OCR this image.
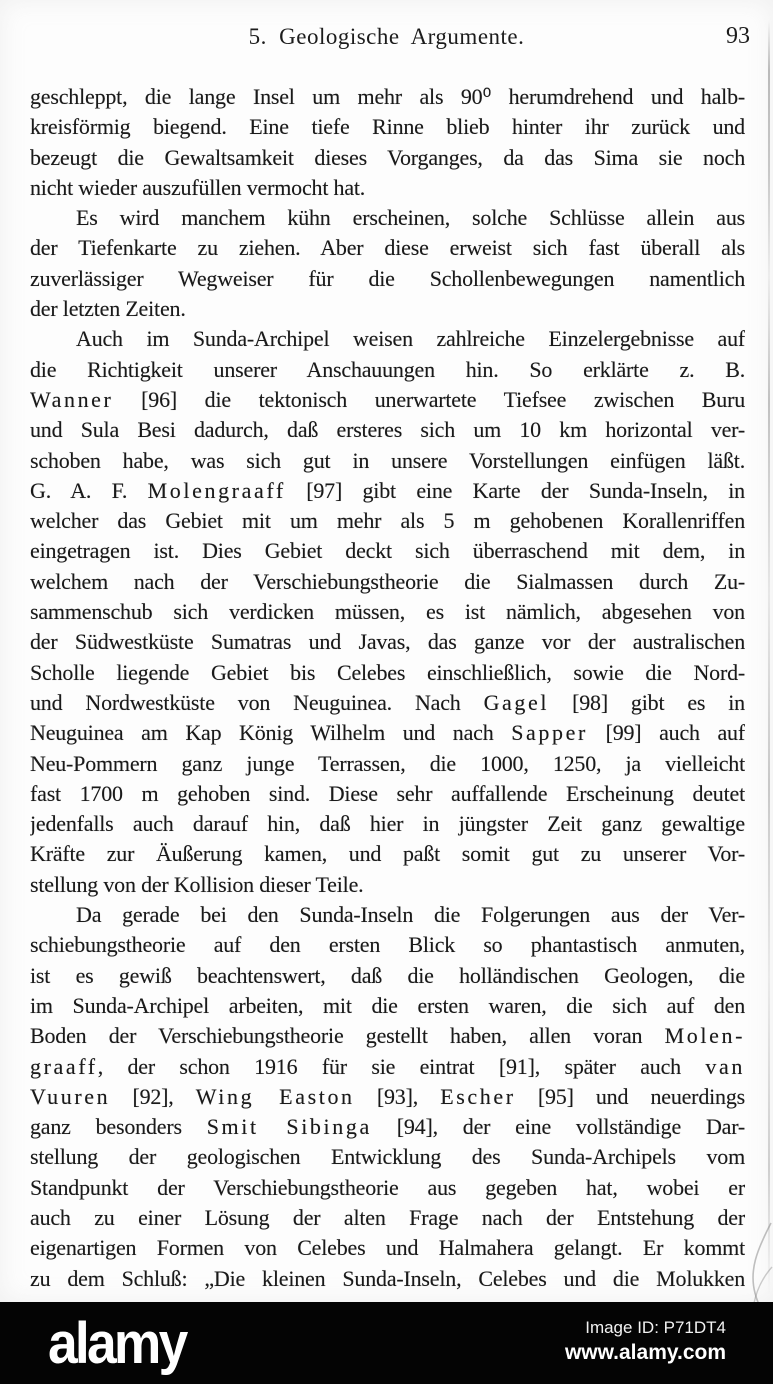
5. Geologische Argumente.	93
geschleppt, die lange Insel um mehr als 90⁰ herumdrehend und halb-
kreisförmig biegend. Eine tiefe Rinne blieb hinter ihr zurück und
bezeugt die Gewaltsamkeit dieses Vorganges, da das Sima sie noch
nicht wieder auszufüllen vermocht hat.
Es wird manchem kühn erscheinen, solche Schlüsse allein aus
der Tiefenkarte zu ziehen. Aber diese erweist sich fast überall als
zuverlässiger Wegweiser für die Schollenbewegungen namentlich
der letzten Zeiten.
Auch im Sunda-Archipel weisen zahlreiche Einzelergebnisse auf
die Richtigkeit unserer Anschauungen hin. So erklärte z. B.
Wanner [96] die tektonisch unerwartete Tiefsee zwischen Buru
und Sula Besi dadurch, daß ersteres sich um 10 km horizontal ver-
schoben habe, was sich gut in unsere Vorstellungen einfügen läßt.
G. A. F. Molengraaff [97] gibt eine Karte der Sunda-Inseln, in
welcher das Gebiet mit um mehr als 5 m gehobenen Korallenriffen
eingetragen ist. Dies Gebiet deckt sich überraschend mit dem, in
welchem nach der Verschiebungstheorie die Sialmassen durch Zu-
sammenschub sich verdicken müssen, es ist nämlich, abgesehen von
der Südwestküste Sumatras und Javas, das ganze vor der australischen
Scholle liegende Gebiet bis Celebes einschließlich, sowie die Nord-
und Nordwestküste von Neuguinea. Nach Gagel [98] gibt es in
Neuguinea am Kap König Wilhelm und nach Sapper [99] auch auf
Neu-Pommern ganz junge Terrassen, die 1000, 1250, ja vielleicht
fast 1700 m gehoben sind. Diese sehr auffallende Erscheinung deutet
jedenfalls auch darauf hin, daß hier in jüngster Zeit ganz gewaltige
Kräfte zur Äußerung kamen, und paßt somit gut zu unserer Vor-
stellung von der Kollision dieser Teile.
Da gerade bei den Sunda-Inseln die Folgerungen aus der Ver-
schiebungstheorie auf den ersten Blick so phantastisch anmuten,
ist es gewiß beachtenswert, daß die holländischen Geologen, die
im Sunda-Archipel arbeiten, mit die ersten waren, die sich auf den
Boden der Verschiebungstheorie gestellt haben, allen voran Molen-
graaff, der schon 1916 für sie eintrat [91], später auch van
Vuuren [92], Wing Easton [93], Escher [95] und neuerdings
ganz besonders Smit Sibinga [94], der eine vollständige Dar-
stellung der geologischen Entwicklung des Sunda-Archipels vom
Standpunkt der Verschiebungstheorie aus gegeben hat, wobei er
auch zu einer Lösung der alten Frage nach der Entstehung der
eigenartigen Formen von Celebes und Halmahera gelangt. Er kommt
zu dem Schluß: „Die kleinen Sunda-Inseln, Celebes und die Molukken
alamy	Image ID: P71DT4
www.alamy.com
